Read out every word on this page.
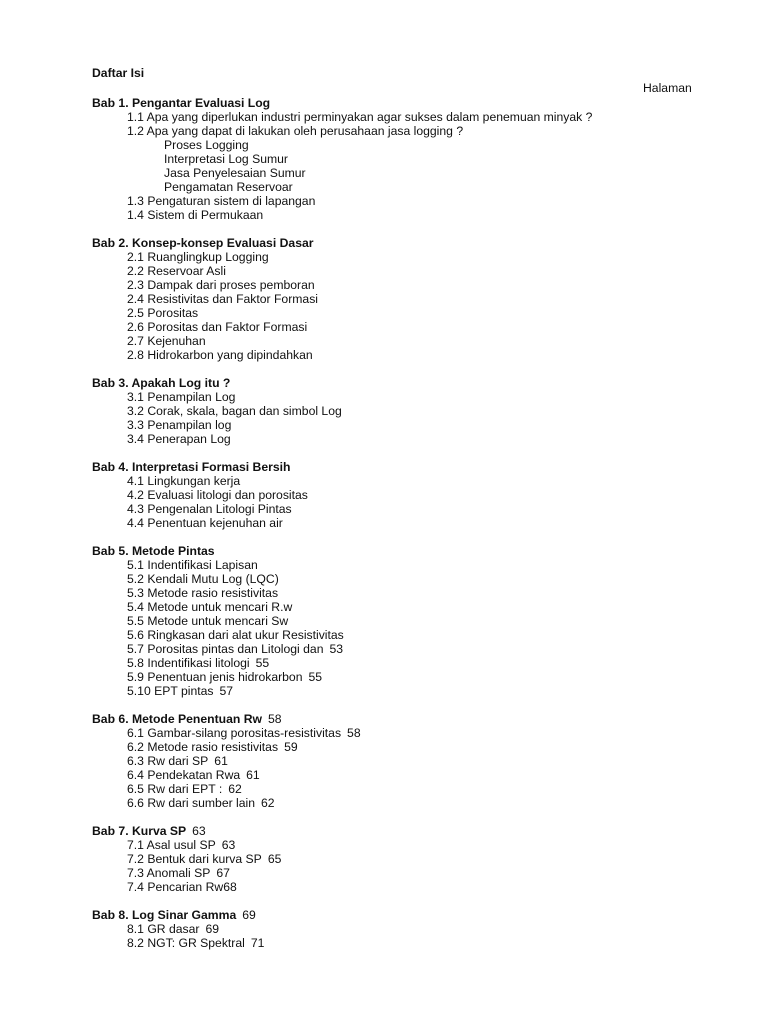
Daftar Isi
Halaman
Bab 1. Pengantar Evaluasi Log
1.1 Apa yang diperlukan industri perminyakan agar sukses dalam penemuan minyak ?
1.2 Apa yang dapat di lakukan oleh perusahaan jasa logging ?
Proses Logging
Interpretasi Log Sumur
Jasa Penyelesaian Sumur
Pengamatan Reservoar
1.3 Pengaturan sistem di lapangan
1.4 Sistem di Permukaan
Bab 2. Konsep-konsep Evaluasi Dasar
2.1 Ruanglingkup Logging
2.2 Reservoar Asli
2.3 Dampak dari proses pemboran
2.4 Resistivitas dan Faktor Formasi
2.5 Porositas
2.6 Porositas dan Faktor Formasi
2.7 Kejenuhan
2.8 Hidrokarbon yang dipindahkan
Bab 3. Apakah Log itu ?
3.1 Penampilan Log
3.2 Corak, skala, bagan dan simbol Log
3.3 Penampilan log
3.4 Penerapan Log
Bab 4. Interpretasi Formasi Bersih
4.1 Lingkungan kerja
4.2 Evaluasi litologi dan porositas
4.3 Pengenalan Litologi Pintas
4.4 Penentuan kejenuhan air
Bab 5. Metode Pintas
5.1 Indentifikasi Lapisan
5.2 Kendali Mutu Log (LQC)
5.3 Metode rasio resistivitas
5.4 Metode untuk mencari R.w
5.5 Metode untuk mencari Sw
5.6 Ringkasan dari alat ukur Resistivitas
5.7 Porositas pintas dan Litologi dan 53
5.8 Indentifikasi litologi 55
5.9 Penentuan jenis hidrokarbon 55
5.10 EPT pintas 57
Bab 6. Metode Penentuan Rw 58
6.1 Gambar-silang porositas-resistivitas 58
6.2 Metode rasio resistivitas 59
6.3 Rw dari SP 61
6.4 Pendekatan Rwa 61
6.5 Rw dari EPT : 62
6.6 Rw dari sumber lain 62
Bab 7. Kurva SP 63
7.1 Asal usul SP 63
7.2 Bentuk dari kurva SP 65
7.3 Anomali SP 67
7.4 Pencarian Rw68
Bab 8. Log Sinar Gamma 69
8.1 GR dasar 69
8.2 NGT: GR Spektral 71
